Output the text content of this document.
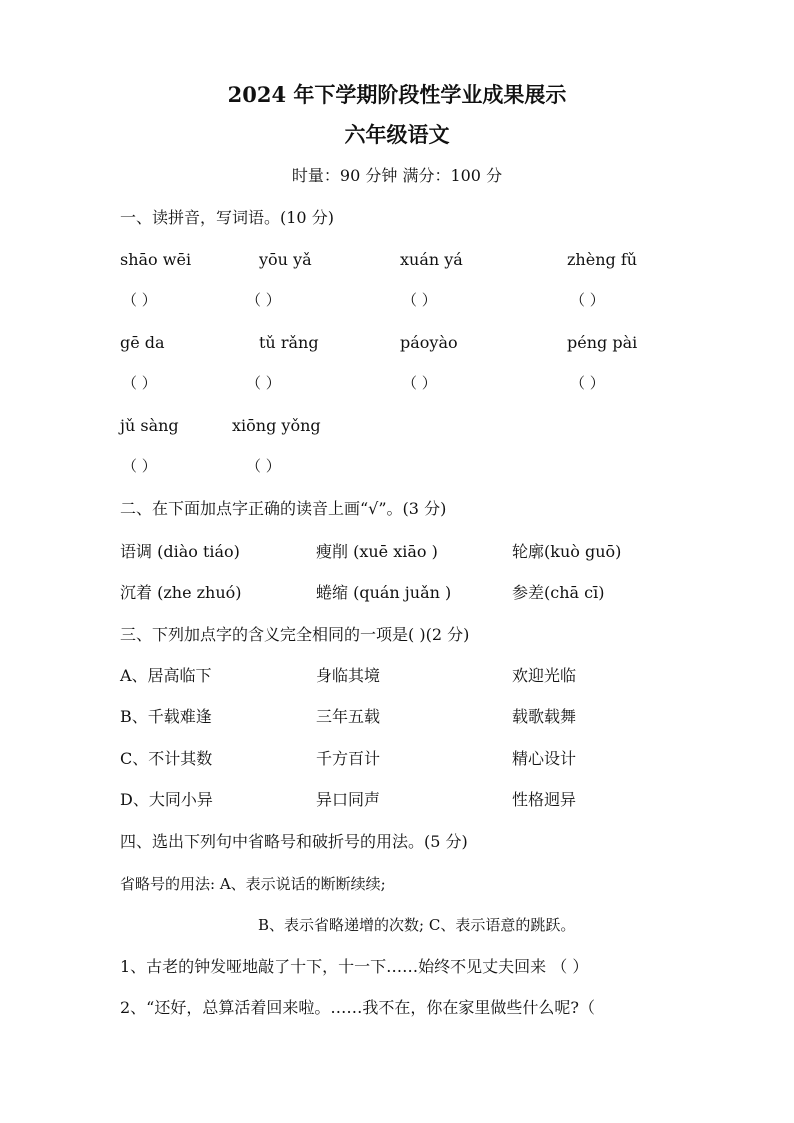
2024 年下学期阶段性学业成果展示
六年级语文
时量：90 分钟 满分：100 分
一、读拼音，写词语。(10 分)
shāo wēi	yōu yǎ	xuán yá	zhèng fǔ
（ ）	（ ）	（ ）	（ ）
gē da	tǔ rǎng	páoyào	péng pài
（ ）	（ ）	（ ）	（ ）
jǔ sàng	xiōng yǒng
（ ）	（ ）
二、在下面加点字正确的读音上画“√”。(3 分)
语调 (diào tiáo)	瘦削 (xuē xiāo )	轮廓(kuò guō)
沉着 (zhe zhuó)	蜷缩 (quán juǎn )	参差(chā cī)
三、下列加点字的含义完全相同的一项是( )(2 分)
A、居高临下	身临其境	欢迎光临
B、千载难逢	三年五载	载歌载舞
C、不计其数	千方百计	精心设计
D、大同小异	异口同声	性格迥异
四、选出下列句中省略号和破折号的用法。(5 分)
省略号的用法: A、表示说话的断断续续;
B、表示省略递增的次数; C、表示语意的跳跃。
1、古老的钟发哑地敲了十下，十一下……始终不见丈夫回来 （ ）
2、“还好，总算活着回来啦。……我不在，你在家里做些什么呢?（
